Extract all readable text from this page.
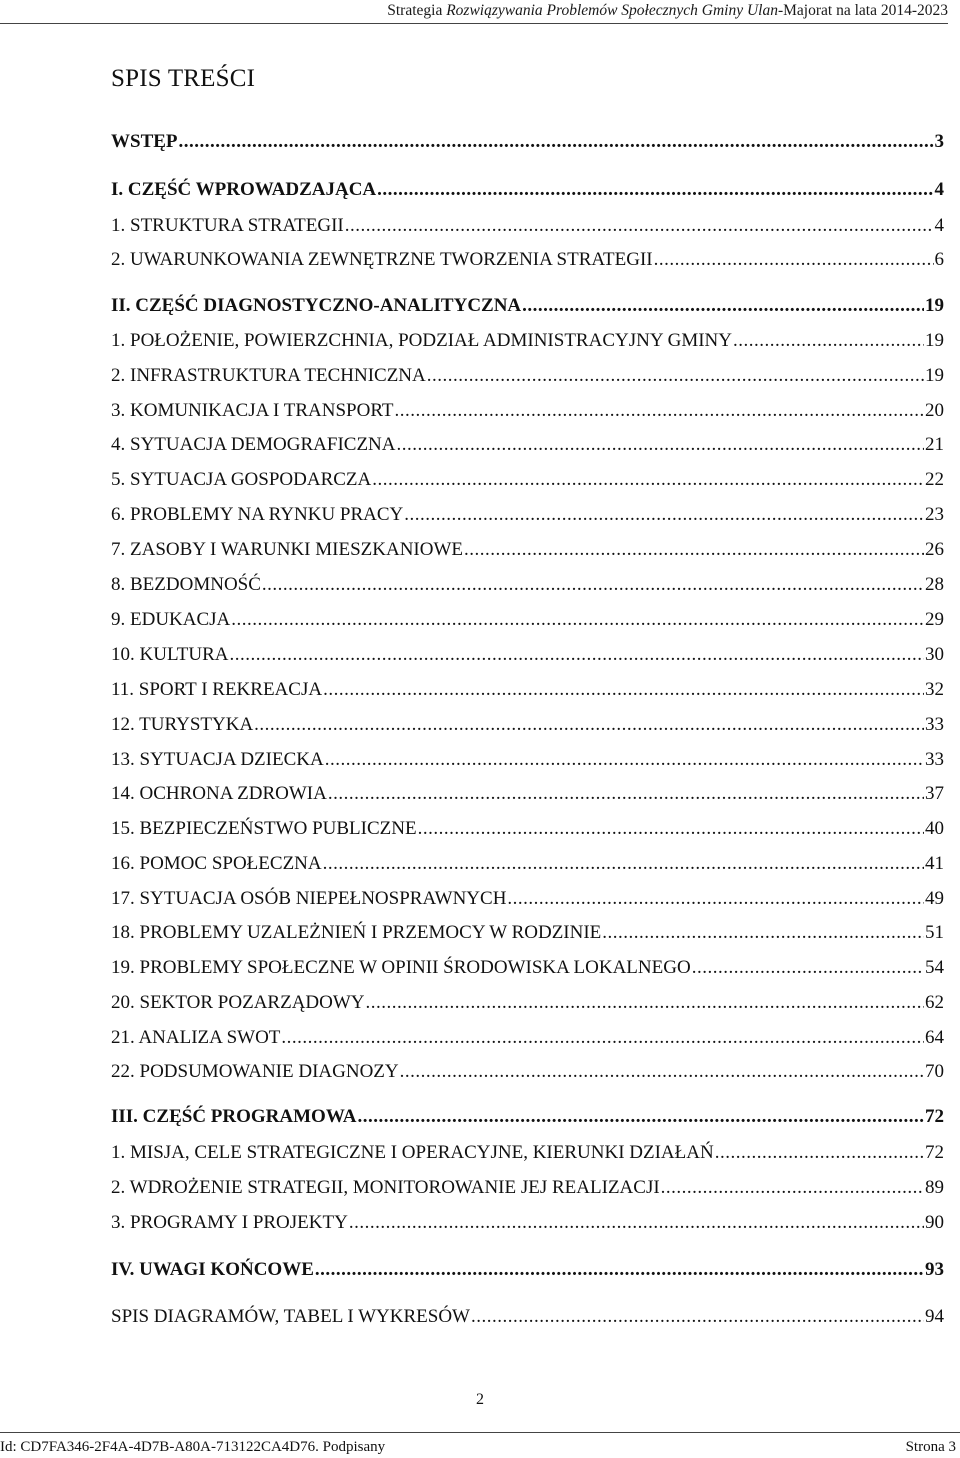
Strategia Rozwiązywania Problemów Społecznych Gminy Ulan-Majorat na lata 2014-2023
SPIS TREŚCI
WSTĘP .....	3
I. CZĘŚĆ WPROWADZAJĄCA .....	4
1. STRUKTURA STRATEGII .....	4
2. UWARUNKOWANIA ZEWNĘTRZNE TWORZENIA STRATEGII .....	6
II. CZĘŚĆ DIAGNOSTYCZNO-ANALITYCZNA .....	19
1. POŁOŻENIE, POWIERZCHNIA, PODZIAŁ ADMINISTRACYJNY GMINY .....	19
2. INFRASTRUKTURA TECHNICZNA .....	19
3. KOMUNIKACJA I TRANSPORT .....	20
4. SYTUACJA DEMOGRAFICZNA .....	21
5. SYTUACJA GOSPODARCZA .....	22
6. PROBLEMY NA RYNKU PRACY .....	23
7. ZASOBY I WARUNKI MIESZKANIOWE .....	26
8. BEZDOMNOŚĆ .....	28
9. EDUKACJA .....	29
10. KULTURA .....	30
11. SPORT I REKREACJA .....	32
12. TURYSTYKA .....	33
13. SYTUACJA DZIECKA .....	33
14. OCHRONA ZDROWIA .....	37
15. BEZPIECZEŃSTWO PUBLICZNE .....	40
16. POMOC SPOŁECZNA .....	41
17. SYTUACJA OSÓB NIEPEŁNOSPRAWNYCH .....	49
18. PROBLEMY UZALEŻNIEŃ I PRZEMOCY W RODZINIE .....	51
19. PROBLEMY SPOŁECZNE W OPINII ŚRODOWISKA LOKALNEGO .....	54
20. SEKTOR POZARZĄDOWY .....	62
21. ANALIZA SWOT .....	64
22. PODSUMOWANIE DIAGNOZY .....	70
III. CZĘŚĆ PROGRAMOWA .....	72
1. MISJA, CELE STRATEGICZNE I OPERACYJNE, KIERUNKI DZIAŁAŃ .....	72
2. WDROŻENIE STRATEGII, MONITOROWANIE JEJ REALIZACJI .....	89
3. PROGRAMY I PROJEKTY .....	90
IV. UWAGI KOŃCOWE .....	93
SPIS DIAGRAMÓW, TABEL I WYKRESÓW .....	94
2
Id: CD7FA346-2F4A-4D7B-A80A-713122CA4D76. Podpisany	Strona 3
